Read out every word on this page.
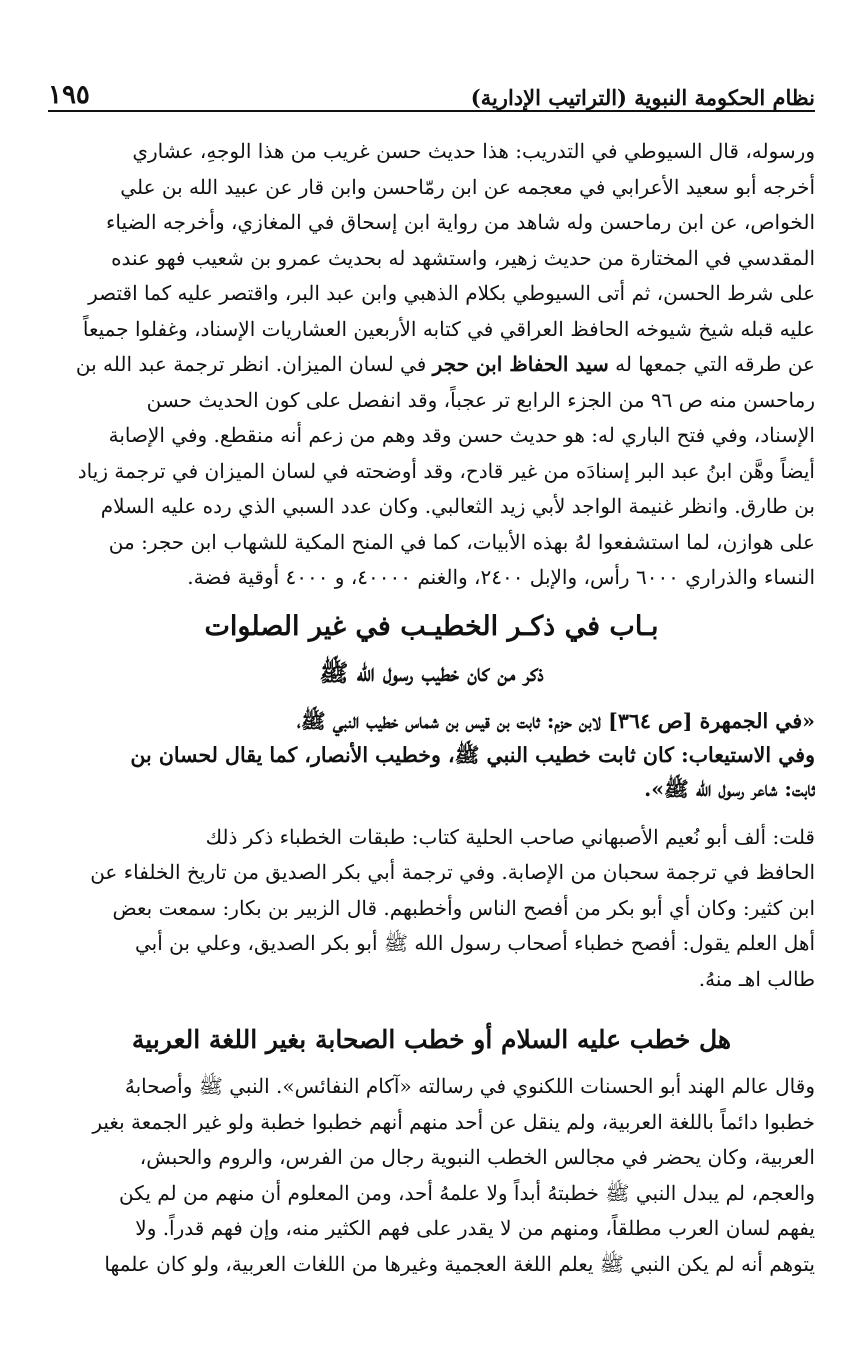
نظام الحكومة النبوية (التراتيب الإدارية)
١٩٥

ورسوله، قال السيوطي في التدريب: هذا حديث حسن غريب من هذا الوجهِ، عشاري
أخرجه أبو سعيد الأعرابي في معجمه عن ابن رمّاحسن وابن قار عن عبيد الله بن علي
الخواص، عن ابن رماحسن وله شاهد من رواية ابن إسحاق في المغازي، وأخرجه الضياء
المقدسي في المختارة من حديث زهير، واستشهد له بحديث عمرو بن شعيب فهو عنده
على شرط الحسن، ثم أتى السيوطي بكلام الذهبي وابن عبد البر، واقتصر عليه كما اقتصر
عليه قبله شيخ شيوخه الحافظ العراقي في كتابه الأربعين العشاريات الإسناد، وغفلوا جميعاً
عن طرقه التي جمعها له سيد الحفاظ ابن حجر في لسان الميزان. انظر ترجمة عبد الله بن
رماحسن منه ص ٩٦ من الجزء الرابع تر عجباً، وقد انفصل على كون الحديث حسن
الإسناد، وفي فتح الباري له: هو حديث حسن وقد وهم من زعم أنه منقطع. وفي الإصابة
أيضاً وهَّن ابنُ عبد البر إسنادَه من غير قادح، وقد أوضحته في لسان الميزان في ترجمة زياد
بن طارق. وانظر غنيمة الواجد لأبي زيد الثعالبي. وكان عدد السبي الذي رده عليه السلام
على هوازن، لما استشفعوا لهُ بهذه الأبيات، كما في المنح المكية للشهاب ابن حجر: من
النساء والذراري ٦٠٠٠ رأس، والإبل ٢٤٠٠، والغنم ٤٠٠٠٠، و ٤٠٠٠ أوقية فضة.

بـاب في ذكـر الخطيـب في غير الصلوات
ذكر من كان خطيب رسول الله ﷺ

«في الجمهرة [ص ٣٦٤] لابن حزم: ثابت بن قيس بن شماس خطيب النبي ﷺ،
وفي الاستيعاب: كان ثابت خطيب النبي ﷺ، وخطيب الأنصار، كما يقال لحسان بن
ثابت: شاعر رسول الله ﷺ».

قلت: ألف أبو نُعيم الأصبهاني صاحب الحلية كتاب: طبقات الخطباء ذكر ذلك
الحافظ في ترجمة سحبان من الإصابة. وفي ترجمة أبي بكر الصديق من تاريخ الخلفاء عن
ابن كثير: وكان أي أبو بكر من أفصح الناس وأخطبهم. قال الزبير بن بكار: سمعت بعض
أهل العلم يقول: أفصح خطباء أصحاب رسول الله ﷺ أبو بكر الصديق، وعلي بن أبي
طالب اهـ منهُ.

هل خطب عليه السلام أو خطب الصحابة بغير اللغة العربية

وقال عالم الهند أبو الحسنات اللكنوي في رسالته «آكام النفائس». النبي ﷺ وأصحابهُ
خطبوا دائماً باللغة العربية، ولم ينقل عن أحد منهم أنهم خطبوا خطبة ولو غير الجمعة بغير
العربية، وكان يحضر في مجالس الخطب النبوية رجال من الفرس، والروم والحبش،
والعجم، لم يبدل النبي ﷺ خطبتهُ أبداً ولا علمهُ أحد، ومن المعلوم أن منهم من لم يكن
يفهم لسان العرب مطلقاً، ومنهم من لا يقدر على فهم الكثير منه، وإن فهم قدراً. ولا
يتوهم أنه لم يكن النبي ﷺ يعلم اللغة العجمية وغيرها من اللغات العربية، ولو كان علمها
